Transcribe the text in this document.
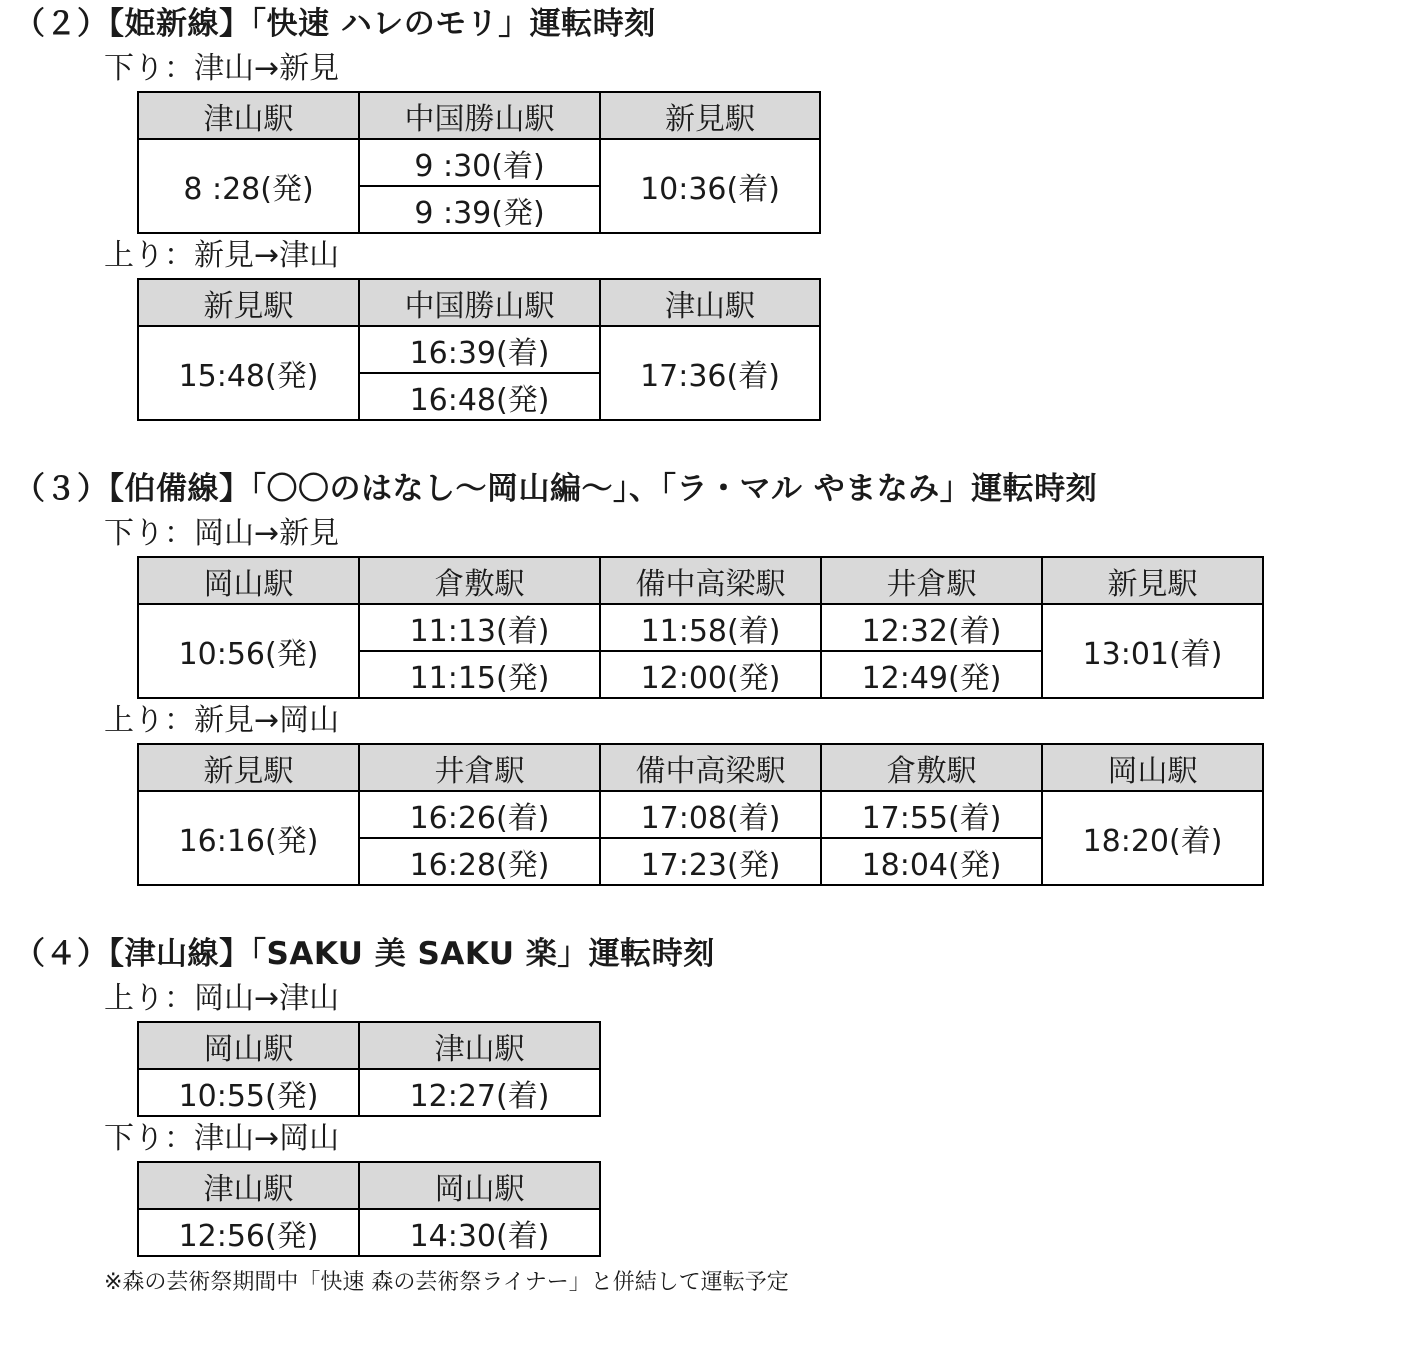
（２）【姫新線】「快速 ハレのモリ」運転時刻
下り：津山→新見
津山駅	中国勝山駅	新見駅
8 :28(発)	9 :30(着)	10:36(着)
	9 :39(発)	
上り：新見→津山
新見駅	中国勝山駅	津山駅
15:48(発)	16:39(着)	17:36(着)
	16:48(発)	
（３）【伯備線】「〇〇のはなし～岡山編～」、「ラ・マル やまなみ」運転時刻
下り：岡山→新見
岡山駅	倉敷駅	備中高梁駅	井倉駅	新見駅
10:56(発)	11:13(着)	11:58(着)	12:32(着)	13:01(着)
	11:15(発)	12:00(発)	12:49(発)	
上り：新見→岡山
新見駅	井倉駅	備中高梁駅	倉敷駅	岡山駅
16:16(発)	16:26(着)	17:08(着)	17:55(着)	18:20(着)
	16:28(発)	17:23(発)	18:04(発)	
（４）【津山線】「SAKU 美 SAKU 楽」運転時刻
上り：岡山→津山
岡山駅	津山駅
10:55(発)	12:27(着)
下り：津山→岡山
津山駅	岡山駅
12:56(発)	14:30(着)
※森の芸術祭期間中「快速 森の芸術祭ライナー」と併結して運転予定
